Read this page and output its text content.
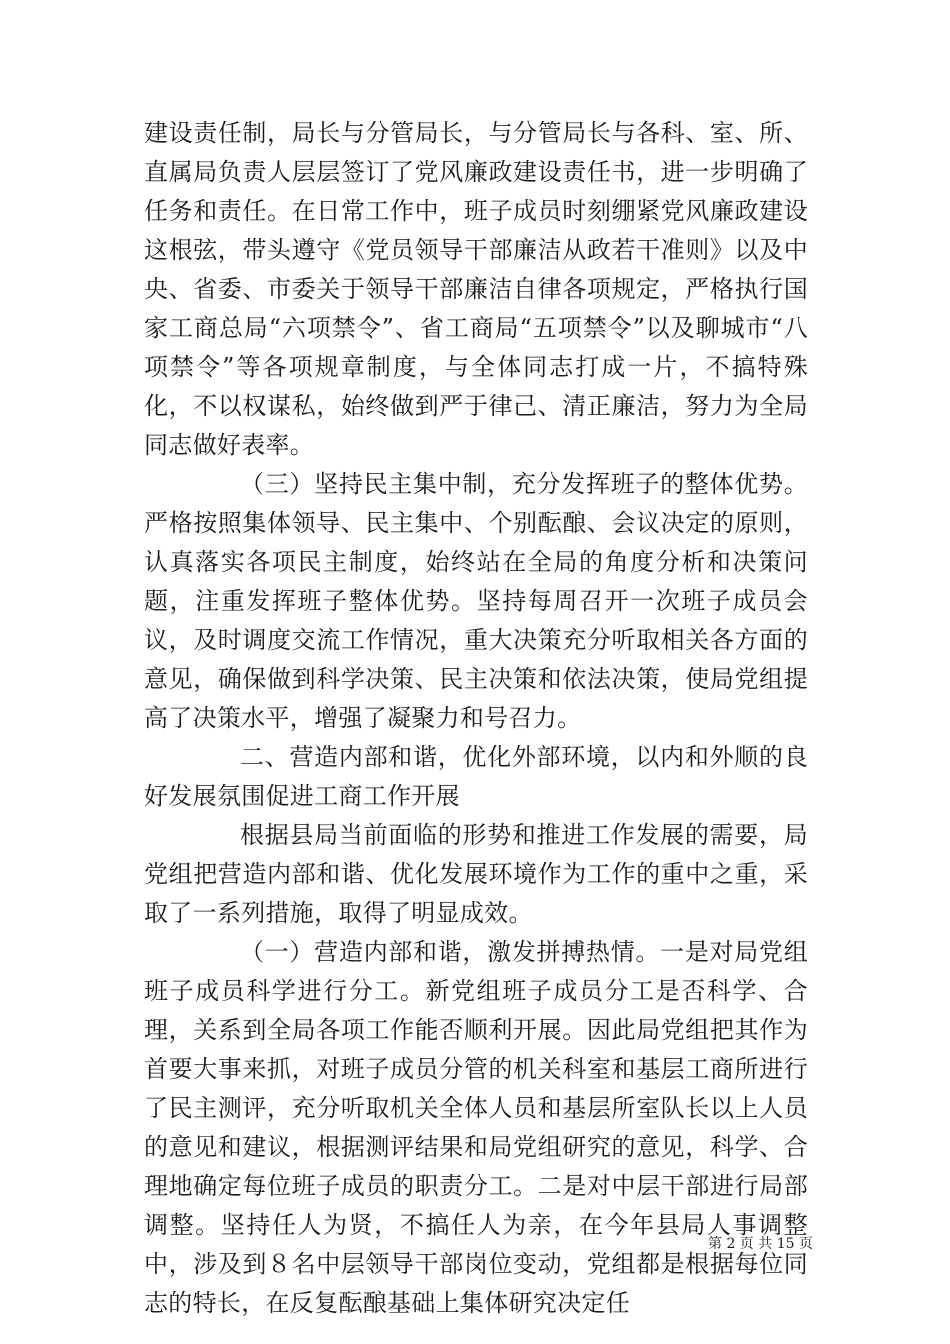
建设责任制，局长与分管局长，与分管局长与各科、室、所、直属局负责人层层签订了党风廉政建设责任书，进一步明确了任务和责任。在日常工作中，班子成员时刻绷紧党风廉政建设这根弦，带头遵守《党员领导干部廉洁从政若干准则》以及中央、省委、市委关于领导干部廉洁自律各项规定，严格执行国家工商总局“六项禁令”、省工商局“五项禁令”以及聊城市“八项禁令”等各项规章制度，与全体同志打成一片，不搞特殊化，不以权谋私，始终做到严于律己、清正廉洁，努力为全局同志做好表率。

（三）坚持民主集中制，充分发挥班子的整体优势。严格按照集体领导、民主集中、个别酝酿、会议决定的原则，认真落实各项民主制度，始终站在全局的角度分析和决策问题，注重发挥班子整体优势。坚持每周召开一次班子成员会议，及时调度交流工作情况，重大决策充分听取相关各方面的意见，确保做到科学决策、民主决策和依法决策，使局党组提高了决策水平，增强了凝聚力和号召力。

二、营造内部和谐，优化外部环境，以内和外顺的良好发展氛围促进工商工作开展

根据县局当前面临的形势和推进工作发展的需要，局党组把营造内部和谐、优化发展环境作为工作的重中之重，采取了一系列措施，取得了明显成效。

（一）营造内部和谐，激发拼搏热情。一是对局党组班子成员科学进行分工。新党组班子成员分工是否科学、合理，关系到全局各项工作能否顺利开展。因此局党组把其作为首要大事来抓，对班子成员分管的机关科室和基层工商所进行了民主测评，充分听取机关全体人员和基层所室队长以上人员的意见和建议，根据测评结果和局党组研究的意见，科学、合理地确定每位班子成员的职责分工。二是对中层干部进行局部调整。坚持任人为贤，不搞任人为亲，在今年县局人事调整中，涉及到８名中层领导干部岗位变动，党组都是根据每位同志的特长，在反复酝酿基础上集体研究决定任

第 2 页 共 15 页
